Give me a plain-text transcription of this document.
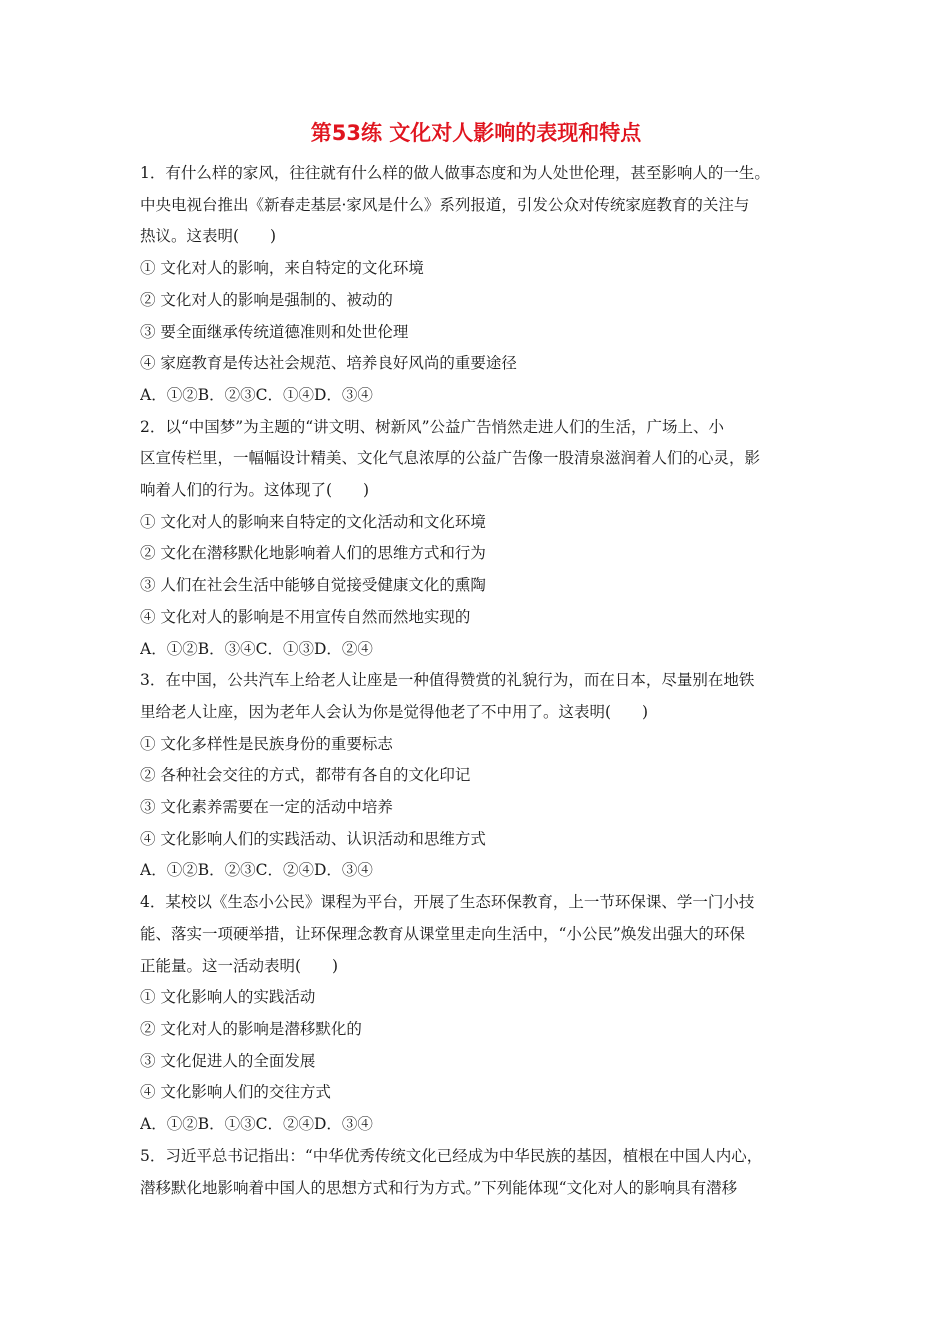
第53练 文化对人影响的表现和特点
1．有什么样的家风，往往就有什么样的做人做事态度和为人处世伦理，甚至影响人的一生。
中央电视台推出《新春走基层·家风是什么》系列报道，引发公众对传统家庭教育的关注与
热议。这表明(　　)
① 文化对人的影响，来自特定的文化环境
② 文化对人的影响是强制的、被动的
③ 要全面继承传统道德准则和处世伦理
④ 家庭教育是传达社会规范、培养良好风尚的重要途径
A．①②B．②③C．①④D．③④
2．以“中国梦”为主题的“讲文明、树新风”公益广告悄然走进人们的生活，广场上、小
区宣传栏里，一幅幅设计精美、文化气息浓厚的公益广告像一股清泉滋润着人们的心灵，影
响着人们的行为。这体现了(　　)
① 文化对人的影响来自特定的文化活动和文化环境
② 文化在潜移默化地影响着人们的思维方式和行为
③ 人们在社会生活中能够自觉接受健康文化的熏陶
④ 文化对人的影响是不用宣传自然而然地实现的
A．①②B．③④C．①③D．②④
3．在中国，公共汽车上给老人让座是一种值得赞赏的礼貌行为，而在日本，尽量别在地铁
里给老人让座，因为老年人会认为你是觉得他老了不中用了。这表明(　　)
① 文化多样性是民族身份的重要标志
② 各种社会交往的方式，都带有各自的文化印记
③ 文化素养需要在一定的活动中培养
④ 文化影响人们的实践活动、认识活动和思维方式
A．①②B．②③C．②④D．③④
4．某校以《生态小公民》课程为平台，开展了生态环保教育，上一节环保课、学一门小技
能、落实一项硬举措，让环保理念教育从课堂里走向生活中，“小公民”焕发出强大的环保
正能量。这一活动表明(　　)
① 文化影响人的实践活动
② 文化对人的影响是潜移默化的
③ 文化促进人的全面发展
④ 文化影响人们的交往方式
A．①②B．①③C．②④D．③④
5．习近平总书记指出：“中华优秀传统文化已经成为中华民族的基因，植根在中国人内心，
潜移默化地影响着中国人的思想方式和行为方式。”下列能体现“文化对人的影响具有潜移
